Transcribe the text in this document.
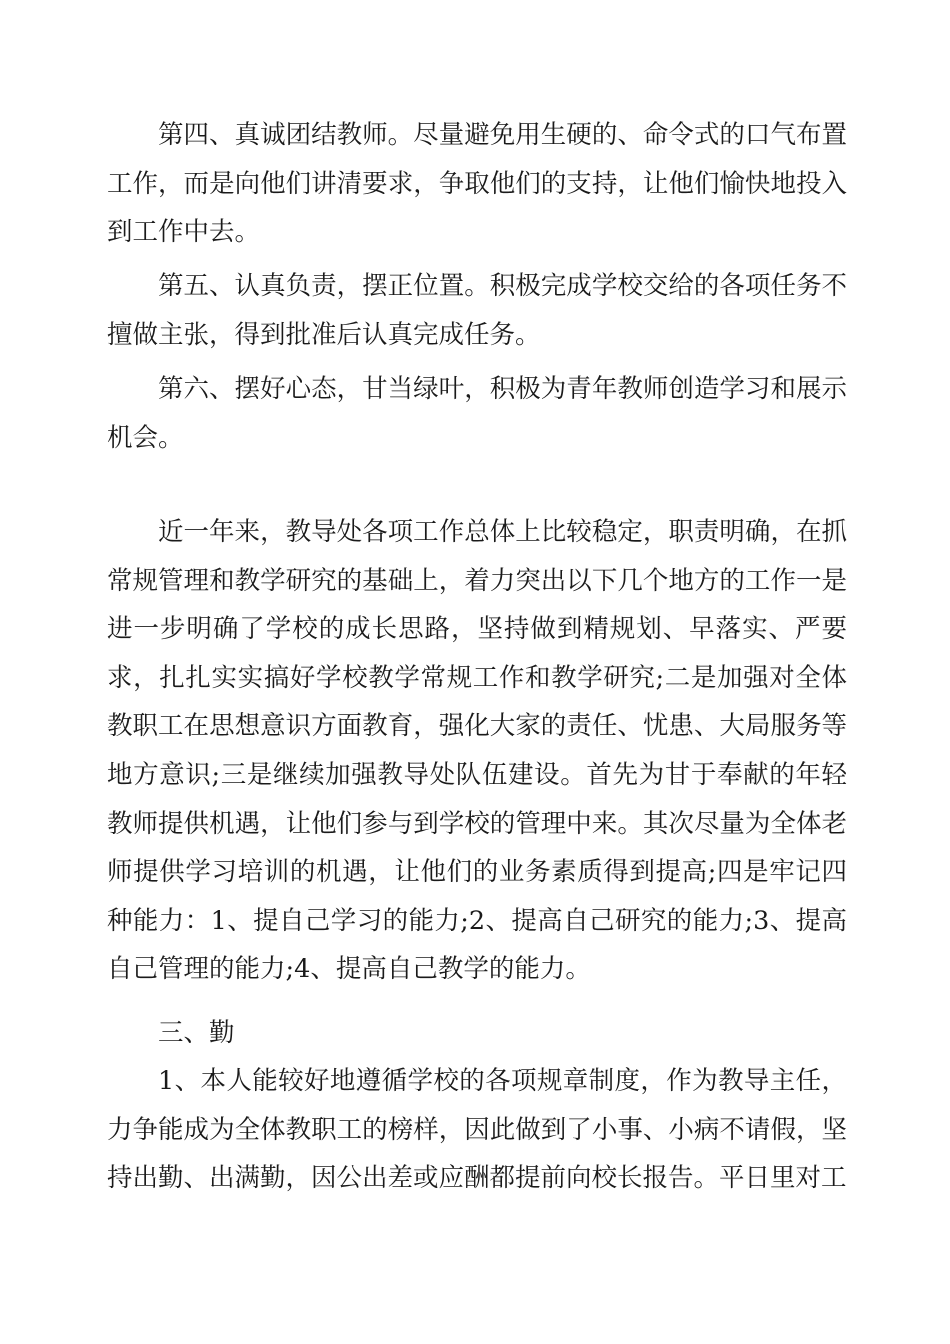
第四、真诚团结教师。尽量避免用生硬的、命令式的口气布置工作，而是向他们讲清要求，争取他们的支持，让他们愉快地投入到工作中去。

第五、认真负责，摆正位置。积极完成学校交给的各项任务不擅做主张，得到批准后认真完成任务。

第六、摆好心态，甘当绿叶，积极为青年教师创造学习和展示机会。

近一年来，教导处各项工作总体上比较稳定，职责明确，在抓常规管理和教学研究的基础上，着力突出以下几个地方的工作一是进一步明确了学校的成长思路，坚持做到精规划、早落实、严要求，扎扎实实搞好学校教学常规工作和教学研究;二是加强对全体教职工在思想意识方面教育，强化大家的责任、忧患、大局服务等地方意识;三是继续加强教导处队伍建设。首先为甘于奉献的年轻教师提供机遇，让他们参与到学校的管理中来。其次尽量为全体老师提供学习培训的机遇，让他们的业务素质得到提高;四是牢记四种能力：1、提自己学习的能力;2、提高自己研究的能力;3、提高自己管理的能力;4、提高自己教学的能力。

三、勤

1、本人能较好地遵循学校的各项规章制度，作为教导主任，力争能成为全体教职工的榜样，因此做到了小事、小病不请假，坚持出勤、出满勤，因公出差或应酬都提前向校长报告。平日里对工
